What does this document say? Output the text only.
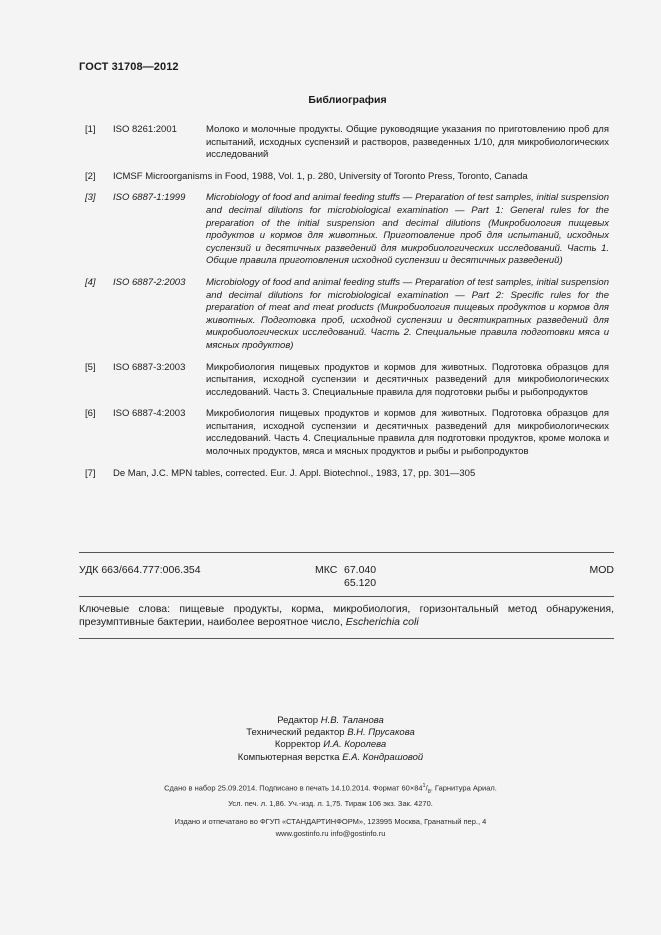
ГОСТ 31708—2012
Библиография
[1]	ISO 8261:2001	Молоко и молочные продукты. Общие руководящие указания по приготовлению проб для испытаний, исходных суспензий и растворов, разведенных 1/10, для микробиологических исследований
[2]	ICMSF Microorganisms in Food, 1988, Vol. 1, p. 280, University of Toronto Press, Toronto, Canada
[3]	ISO 6887-1:1999	Microbiology of food and animal feeding stuffs — Preparation of test samples, initial suspension and decimal dilutions for microbiological examination — Part 1: General rules for the preparation of the initial suspension and decimal dilutions (Микробиология пищевых продуктов и кормов для животных. Приготовление проб для испытаний, исходных суспензий и десятичных разведений для микробиологических исследований. Часть 1. Общие правила приготовления исходной суспензии и десятичных разведений)
[4]	ISO 6887-2:2003	Microbiology of food and animal feeding stuffs — Preparation of test samples, initial suspension and decimal dilutions for microbiological examination — Part 2: Specific rules for the preparation of meat and meat products (Микробиология пищевых продуктов и кормов для животных. Подготовка проб, исходной суспензии и десятикратных разведений для микробиологических исследований. Часть 2. Специальные правила подготовки мяса и мясных продуктов)
[5]	ISO 6887-3:2003	Микробиология пищевых продуктов и кормов для животных. Подготовка образцов для испытания, исходной суспензии и десятичных разведений для микробиологических исследований. Часть 3. Специальные правила для подготовки рыбы и рыбопродуктов
[6]	ISO 6887-4:2003	Микробиология пищевых продуктов и кормов для животных. Подготовка образцов для испытания, исходной суспензии и десятичных разведений для микробиологических исследований. Часть 4. Специальные правила для подготовки продуктов, кроме молока и молочных продуктов, мяса и мясных продуктов и рыбы и рыбопродуктов
[7]	De Man, J.C. MPN tables, corrected. Eur. J. Appl. Biotechnol., 1983, 17, pp. 301—305
УДК 663/664.777:006.354	МКС 67.040
65.120
MOD
Ключевые слова: пищевые продукты, корма, микробиология, горизонтальный метод обнаружения, презумптивные бактерии, наиболее вероятное число, Escherichia coli
Редактор Н.В. Таланова
Технический редактор В.Н. Прусакова
Корректор И.А. Королева
Компьютерная верстка Е.А. Кондрашовой
Сдано в набор 25.09.2014. Подписано в печать 14.10.2014. Формат $60\times 84^1/_8$. Гарнитура Ариал.
Усл. печ. л. 1,86. Уч.-изд. л. 1,75. Тираж 106 экз. Зак. 4270.
Издано и отпечатано во ФГУП «СТАНДАРТИНФОРМ», 123995 Москва, Гранатный пер., 4
www.gostinfo.ru info@gostinfo.ru
